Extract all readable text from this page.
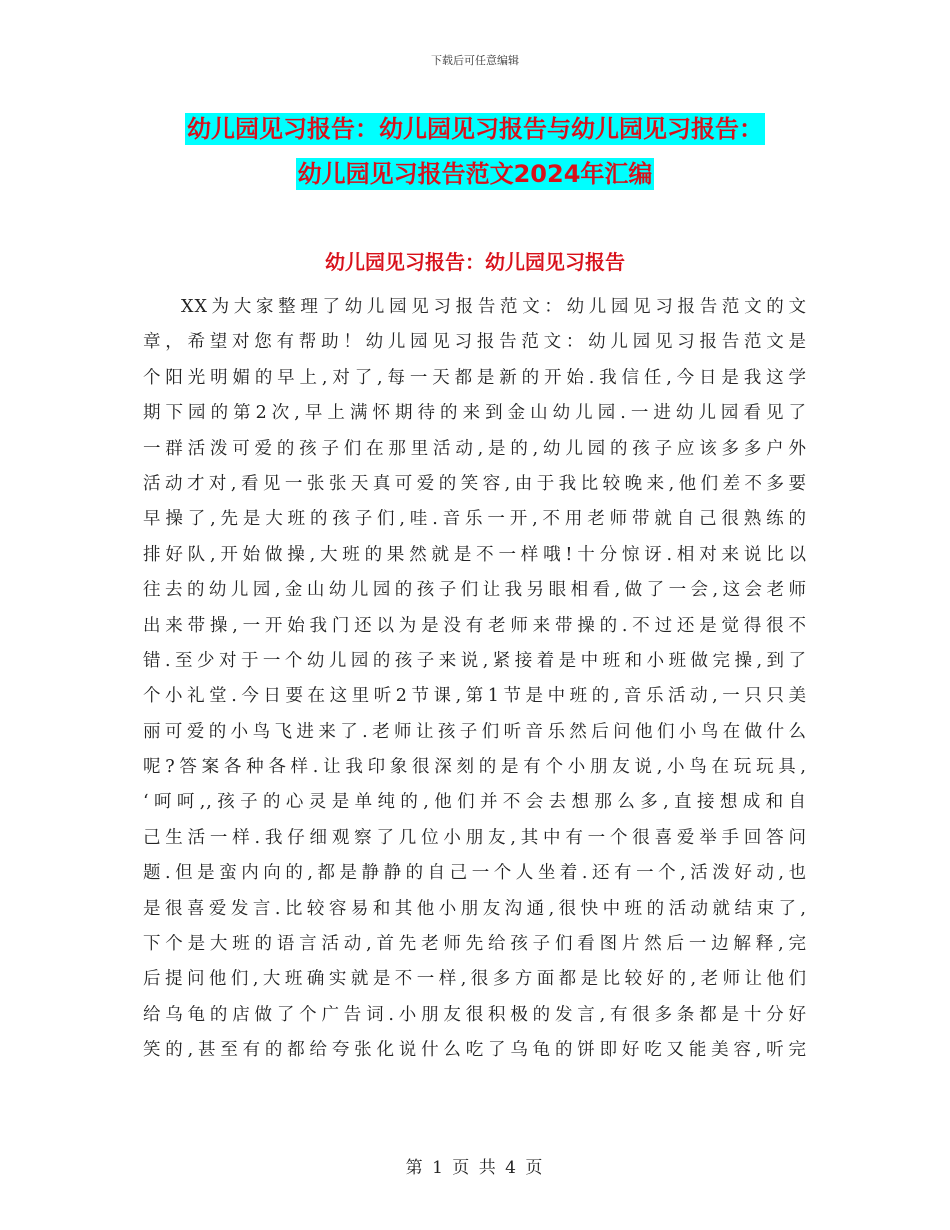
下载后可任意编辑
幼儿园见习报告：幼儿园见习报告与幼儿园见习报告：
幼儿园见习报告范文2024年汇编
幼儿园见习报告：幼儿园见习报告
XX为大家整理了幼儿园见习报告范文：幼儿园见习报告范文的文
章，希望对您有帮助！幼儿园见习报告范文：幼儿园见习报告范文是
个阳光明媚的早上,对了,每一天都是新的开始.我信任,今日是我这学
期下园的第2次,早上满怀期待的来到金山幼儿园.一进幼儿园看见了
一群活泼可爱的孩子们在那里活动,是的,幼儿园的孩子应该多多户外
活动才对,看见一张张天真可爱的笑容,由于我比较晚来,他们差不多要
早操了,先是大班的孩子们,哇.音乐一开,不用老师带就自己很熟练的
排好队,开始做操,大班的果然就是不一样哦!十分惊讶.相对来说比以
往去的幼儿园,金山幼儿园的孩子们让我另眼相看,做了一会,这会老师
出来带操,一开始我门还以为是没有老师来带操的.不过还是觉得很不
错.至少对于一个幼儿园的孩子来说,紧接着是中班和小班做完操,到了
个小礼堂.今日要在这里听2节课,第1节是中班的,音乐活动,一只只美
丽可爱的小鸟飞进来了.老师让孩子们听音乐然后问他们小鸟在做什么
呢?答案各种各样.让我印象很深刻的是有个小朋友说,小鸟在玩玩具,
‘呵呵,,孩子的心灵是单纯的,他们并不会去想那么多,直接想成和自
己生活一样.我仔细观察了几位小朋友,其中有一个很喜爱举手回答问
题.但是蛮内向的,都是静静的自己一个人坐着.还有一个,活泼好动,也
是很喜爱发言.比较容易和其他小朋友沟通,很快中班的活动就结束了,
下个是大班的语言活动,首先老师先给孩子们看图片然后一边解释,完
后提问他们,大班确实就是不一样,很多方面都是比较好的,老师让他们
给乌龟的店做了个广告词.小朋友很积极的发言,有很多条都是十分好
笑的,甚至有的都给夸张化说什么吃了乌龟的饼即好吃又能美容,听完
第 1 页 共 4 页
